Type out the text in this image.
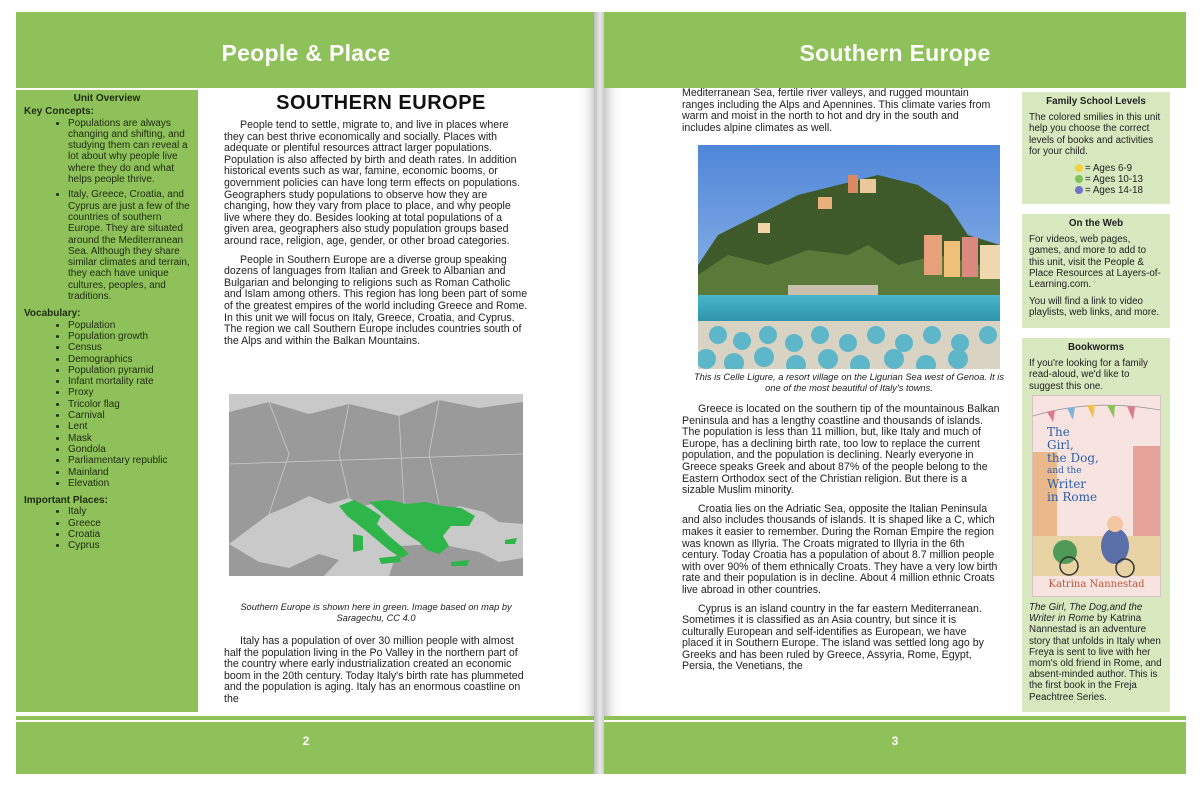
People & Place
Unit Overview
Key Concepts:
• Populations are always changing and shifting, and studying them can reveal a lot about why people live where they do and what helps people thrive.
• Italy, Greece, Croatia, and Cyprus are just a few of the countries of southern Europe. They are situated around the Mediterranean Sea. Although they share similar climates and terrain, they each have unique cultures, peoples, and traditions.
Vocabulary:
• Population
• Population growth
• Census
• Demographics
• Population pyramid
• Infant mortality rate
• Proxy
• Tricolor flag
• Carnival
• Lent
• Mask
• Gondola
• Parliamentary republic
• Mainland
• Elevation
Important Places:
• Italy
• Greece
• Croatia
• Cyprus
SOUTHERN EUROPE

People tend to settle, migrate to, and live in places where they can best thrive economically and socially. Places with adequate or plentiful resources attract larger populations. Population is also affected by birth and death rates. In addition historical events such as war, famine, economic booms, or government policies can have long term effects on populations. Geographers study populations to observe how they are changing, how they vary from place to place, and why people live where they do. Besides looking at total populations of a given area, geographers also study population groups based around race, religion, age, gender, or other broad categories.

People in Southern Europe are a diverse group speaking dozens of languages from Italian and Greek to Albanian and Bulgarian and belonging to religions such as Roman Catholic and Islam among others. This region has long been part of some of the greatest empires of the world including Greece and Rome. In this unit we will focus on Italy, Greece, Croatia, and Cyprus. The region we call Southern Europe includes countries south of the Alps and within the Balkan Mountains.

Southern Europe is shown here in green. Image based on map by Saragechu, CC 4.0

Italy has a population of over 30 million people with almost half the population living in the Po Valley in the northern part of the country where early industrialization created an economic boom in the 20th century. Today Italy's birth rate has plummeted and the population is aging. Italy has an enormous coastline on the

2
Southern Europe

Mediterranean Sea, fertile river valleys, and rugged mountain ranges including the Alps and Apennines. This climate varies from warm and moist in the north to hot and dry in the south and includes alpine climates as well.

This is Celle Ligure, a resort village on the Ligurian Sea west of Genoa. It is one of the most beautiful of Italy's towns.

Greece is located on the southern tip of the mountainous Balkan Peninsula and has a lengthy coastline and thousands of islands. The population is less than 11 million, but, like Italy and much of Europe, has a declining birth rate, too low to replace the current population, and the population is declining. Nearly everyone in Greece speaks Greek and about 87% of the people belong to the Eastern Orthodox sect of the Christian religion. But there is a sizable Muslim minority.

Croatia lies on the Adriatic Sea, opposite the Italian Peninsula and also includes thousands of islands. It is shaped like a C, which makes it easier to remember. During the Roman Empire the region was known as Illyria. The Croats migrated to Illyria in the 6th century. Today Croatia has a population of about 8.7 million people with over 90% of them ethnically Croats. They have a very low birth rate and their population is in decline. About 4 million ethnic Croats live abroad in other countries.

Cyprus is an island country in the far eastern Mediterranean. Sometimes it is classified as an Asia country, but since it is culturally European and self-identifies as European, we have placed it in Southern Europe. The island was settled long ago by Greeks and has been ruled by Greece, Assyria, Rome, Egypt, Persia, the Venetians, the

Family School Levels

The colored smilies in this unit help you choose the correct levels of books and activities for your child.

= Ages 6-9
= Ages 10-13
= Ages 14-18
On the Web

For videos, web pages, games, and more to add to this unit, visit the People & Place Resources at Layers-of-Learning.com.

You will find a link to video playlists, web links, and more.

Bookworms
If you're looking for a family read-aloud, we'd like to suggest this one.
The
Girl,
the Dog,
and the
Writer
in Rome
Katrina Nannestad
The Girl, The Dog,and the Writer in Rome by Katrina Nannestad is an adventure story that unfolds in Italy when Freya is sent to live with her mom's old friend in Rome, and absent-minded author. This is the first book in the Freja Peachtree Series.
3
